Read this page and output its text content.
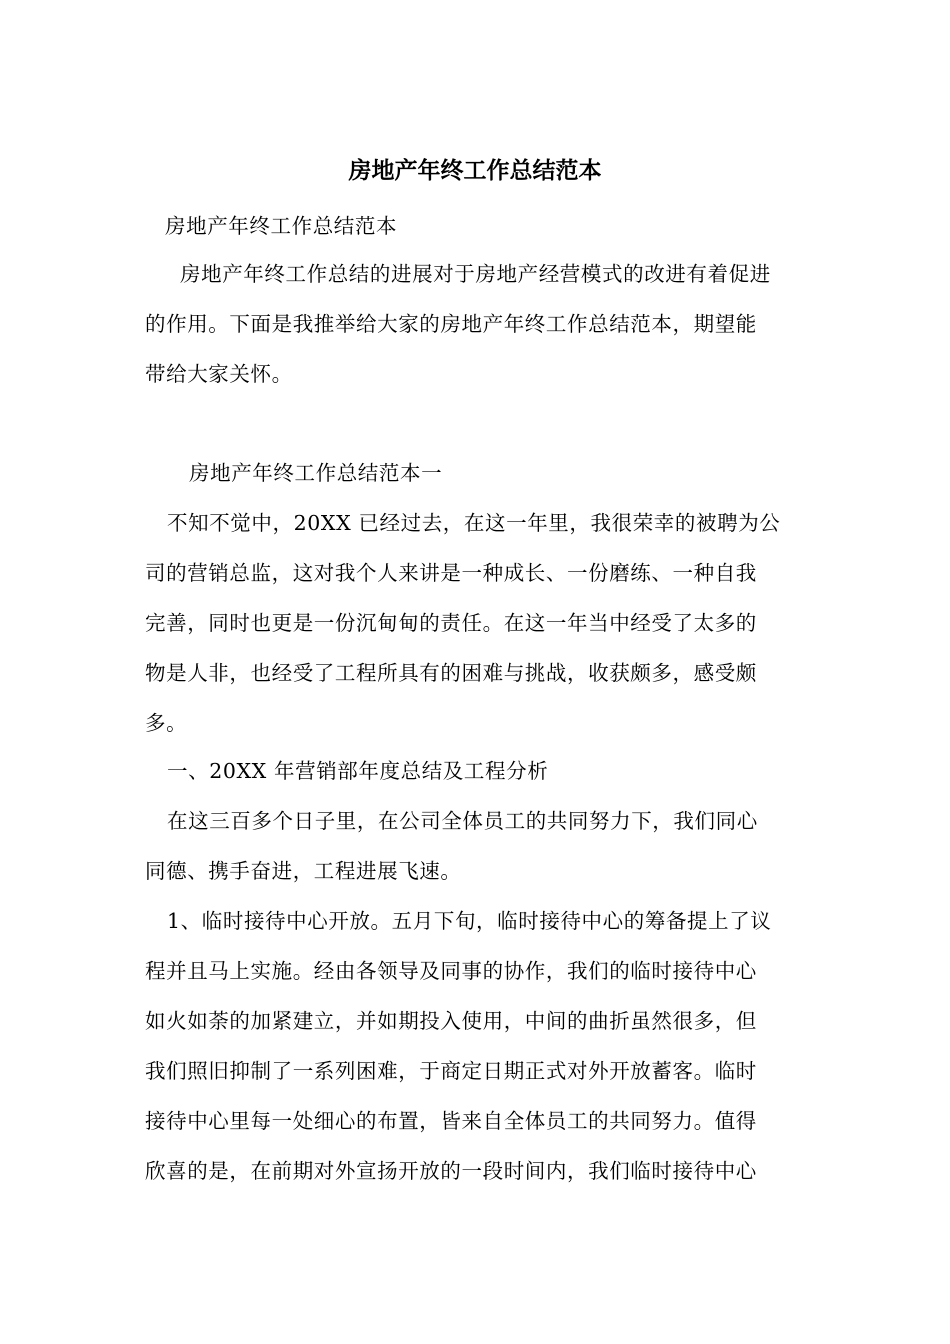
房地产年终工作总结范本

房地产年终工作总结范本

房地产年终工作总结的进展对于房地产经营模式的改进有着促进
的作用。下面是我推举给大家的房地产年终工作总结范本，期望能
带给大家关怀。

房地产年终工作总结范本一

不知不觉中，20XX 已经过去，在这一年里，我很荣幸的被聘为公
司的营销总监，这对我个人来讲是一种成长、一份磨练、一种自我
完善，同时也更是一份沉甸甸的责任。在这一年当中经受了太多的
物是人非，也经受了工程所具有的困难与挑战，收获颇多，感受颇
多。

一、20XX 年营销部年度总结及工程分析

在这三百多个日子里，在公司全体员工的共同努力下，我们同心
同德、携手奋进，工程进展飞速。

1、临时接待中心开放。五月下旬，临时接待中心的筹备提上了议
程并且马上实施。经由各领导及同事的协作，我们的临时接待中心
如火如荼的加紧建立，并如期投入使用，中间的曲折虽然很多，但
我们照旧抑制了一系列困难，于商定日期正式对外开放蓄客。临时
接待中心里每一处细心的布置，皆来自全体员工的共同努力。值得
欣喜的是，在前期对外宣扬开放的一段时间内，我们临时接待中心
